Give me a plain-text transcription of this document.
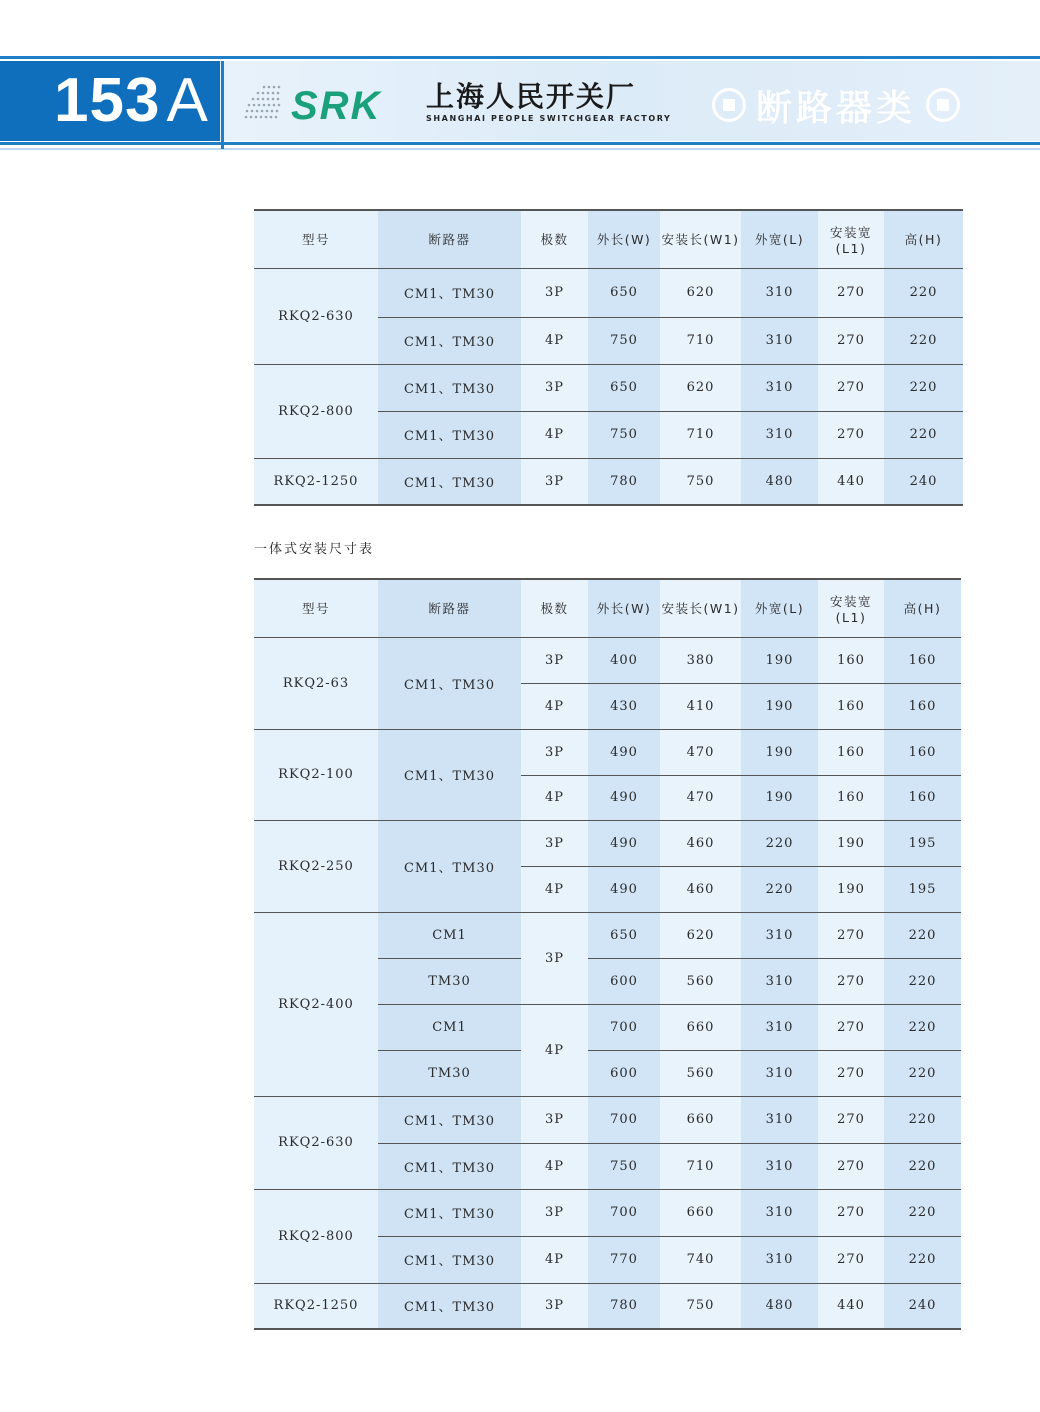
153A SRK 上海人民开关厂
SHANGHAI PEOPLE SWITCHGEAR FACTORY 断路器类
型号	断路器	极数	外长(W)	安装长(W1)	外宽(L)	安装宽(L1)	高(H)
RKQ2-630	CM1、TM30	3P	650	620	310	270	220
	CM1、TM30	4P	750	710	310	270	220
RKQ2-800	CM1、TM30	3P	650	620	310	270	220
	CM1、TM30	4P	750	710	310	270	220
RKQ2-1250	CM1、TM30	3P	780	750	480	440	240
一体式安装尺寸表
型号	断路器	极数	外长(W)	安装长(W1)	外宽(L)	安装宽(L1)	高(H)
RKQ2-63	CM1、TM30	3P	400	380	190	160	160
		4P	430	410	190	160	160
RKQ2-100	CM1、TM30	3P	490	470	190	160	160
		4P	490	470	190	160	160
RKQ2-250	CM1、TM30	3P	490	460	220	190	195
		4P	490	460	220	190	195
RKQ2-400	CM1	3P	650	620	310	270	220
	TM30		600	560	310	270	220
	CM1	4P	700	660	310	270	220
	TM30		600	560	310	270	220
RKQ2-630	CM1、TM30	3P	700	660	310	270	220
	CM1、TM30	4P	750	710	310	270	220
RKQ2-800	CM1、TM30	3P	700	660	310	270	220
	CM1、TM30	4P	770	740	310	270	220
RKQ2-1250	CM1、TM30	3P	780	750	480	440	240
